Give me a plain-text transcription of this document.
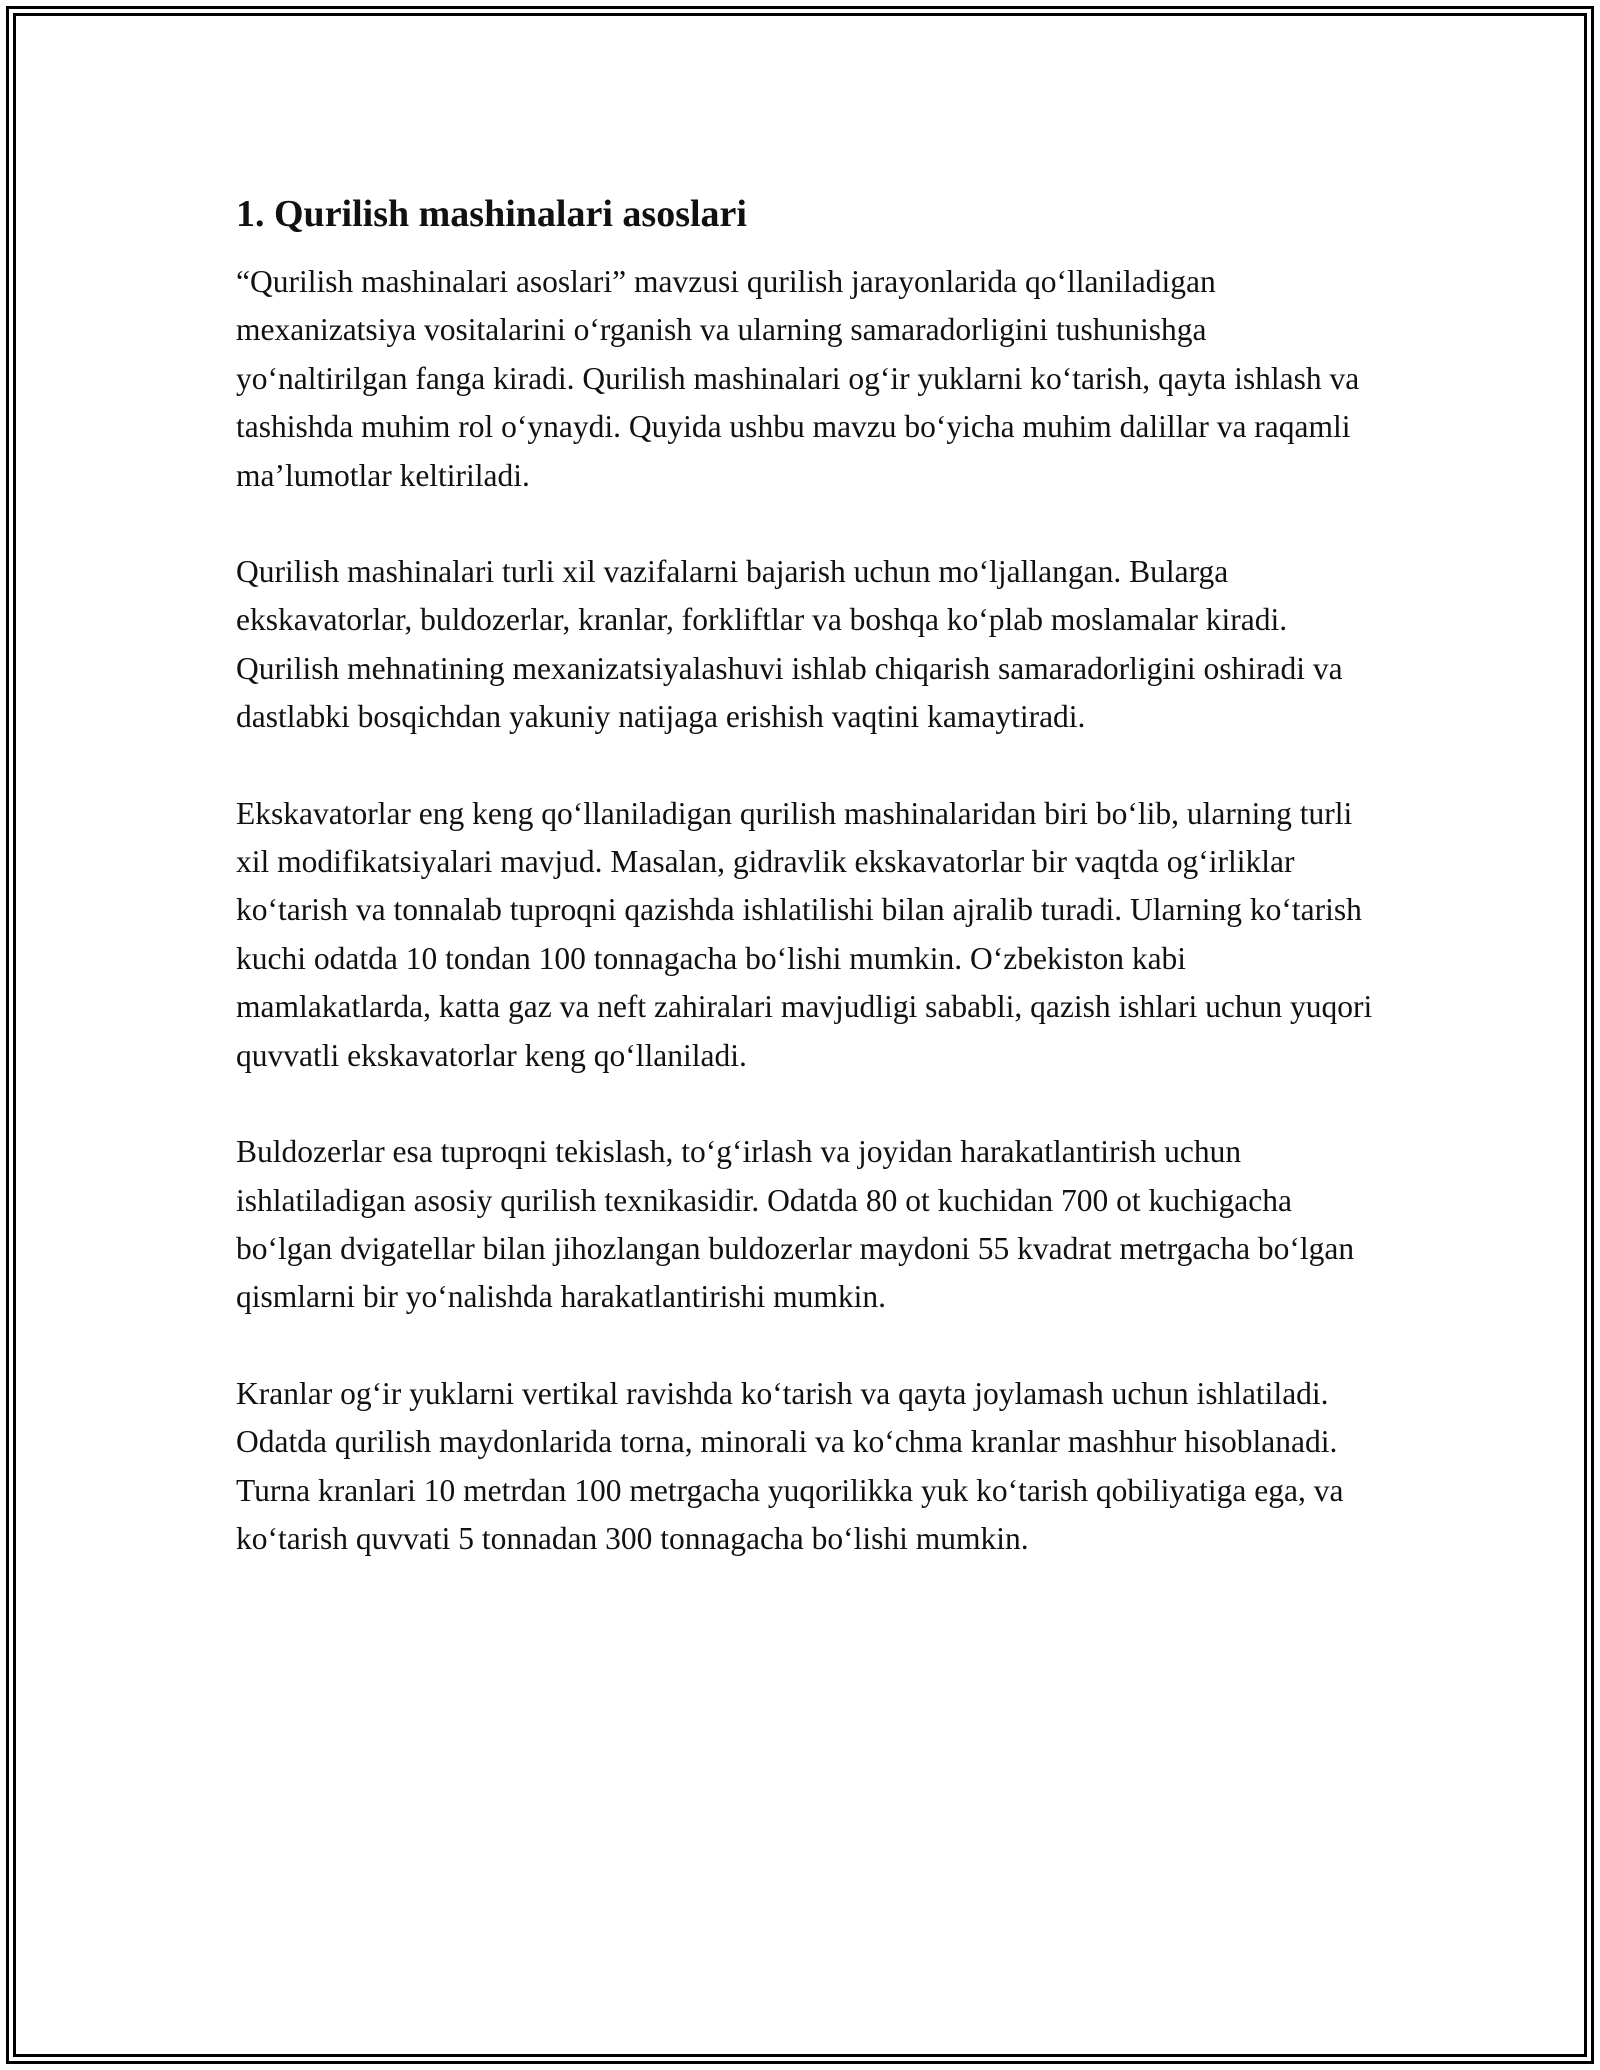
1. Qurilish mashinalari asoslari

“Qurilish mashinalari asoslari” mavzusi qurilish jarayonlarida qoʻllaniladigan mexanizatsiya vositalarini oʻrganish va ularning samaradorligini tushunishga yoʻnaltirilgan fanga kiradi. Qurilish mashinalari ogʻir yuklarni koʻtarish, qayta ishlash va tashishda muhim rol oʻynaydi. Quyida ushbu mavzu boʻyicha muhim dalillar va raqamli maʼlumotlar keltiriladi.

Qurilish mashinalari turli xil vazifalarni bajarish uchun moʻljallangan. Bularga ekskavatorlar, buldozerlar, kranlar, forkliftlar va boshqa koʻplab moslamalar kiradi. Qurilish mehnatining mexanizatsiyalashuvi ishlab chiqarish samaradorligini oshiradi va dastlabki bosqichdan yakuniy natijaga erishish vaqtini kamaytiradi.

Ekskavatorlar eng keng qoʻllaniladigan qurilish mashinalaridan biri boʻlib, ularning turli xil modifikatsiyalari mavjud. Masalan, gidravlik ekskavatorlar bir vaqtda ogʻirliklar koʻtarish va tonnalab tuproqni qazishda ishlatilishi bilan ajralib turadi. Ularning koʻtarish kuchi odatda 10 tondan 100 tonnagacha boʻlishi mumkin. Oʻzbekiston kabi mamlakatlarda, katta gaz va neft zahiralari mavjudligi sababli, qazish ishlari uchun yuqori quvvatli ekskavatorlar keng qoʻllaniladi.

Buldozerlar esa tuproqni tekislash, toʻgʻirlash va joyidan harakatlantirish uchun ishlatiladigan asosiy qurilish texnikasidir. Odatda 80 ot kuchidan 700 ot kuchigacha boʻlgan dvigatellar bilan jihozlangan buldozerlar maydoni 55 kvadrat metrgacha boʻlgan qismlarni bir yoʻnalishda harakatlantirishi mumkin.

Kranlar ogʻir yuklarni vertikal ravishda koʻtarish va qayta joylamash uchun ishlatiladi. Odatda qurilish maydonlarida torna, minorali va koʻchma kranlar mashhur hisoblanadi. Turna kranlari 10 metrdan 100 metrgacha yuqorilikka yuk koʻtarish qobiliyatiga ega, va koʻtarish quvvati 5 tonnadan 300 tonnagacha boʻlishi mumkin.
